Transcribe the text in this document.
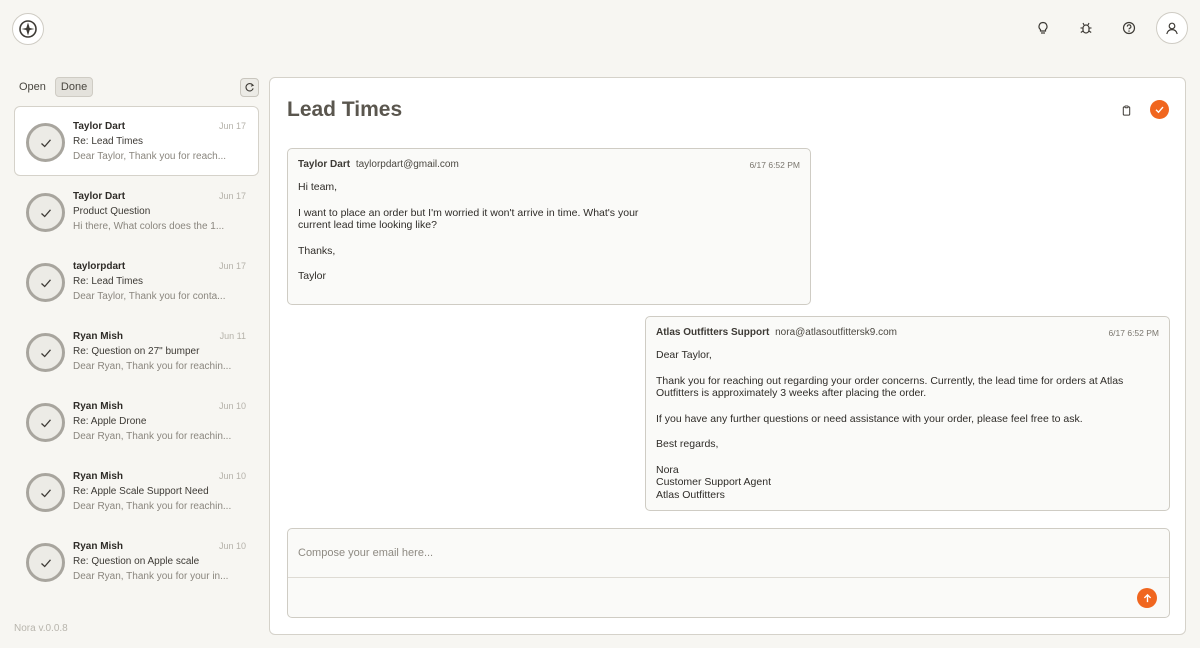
Open	Done
Taylor Dart	Jun 17
Re: Lead Times
Dear Taylor, Thank you for reach...
Taylor Dart	Jun 17
Product Question
Hi there, What colors does the 1...
taylorpdart	Jun 17
Re: Lead Times
Dear Taylor, Thank you for conta...
Ryan Mish	Jun 11
Re: Question on 27" bumper
Dear Ryan, Thank you for reachin...
Ryan Mish	Jun 10
Re: Apple Drone
Dear Ryan, Thank you for reachin...
Ryan Mish	Jun 10
Re: Apple Scale Support Need
Dear Ryan, Thank you for reachin...
Ryan Mish	Jun 10
Re: Question on Apple scale
Dear Ryan, Thank you for your in...
Nora v.0.0.8
Lead Times
Taylor Dart taylorpdart@gmail.com	6/17 6:52 PM

Hi team,

I want to place an order but I'm worried it won't arrive in time. What's your current lead time looking like?

Thanks,

Taylor

Atlas Outfitters Support nora@atlasoutfittersk9.com	6/17 6:52 PM

Dear Taylor,

Thank you for reaching out regarding your order concerns. Currently, the lead time for orders at Atlas Outfitters is approximately 3 weeks after placing the order.

If you have any further questions or need assistance with your order, please feel free to ask.

Best regards,

Nora

Customer Support Agent

Atlas Outfitters

Compose your email here...
